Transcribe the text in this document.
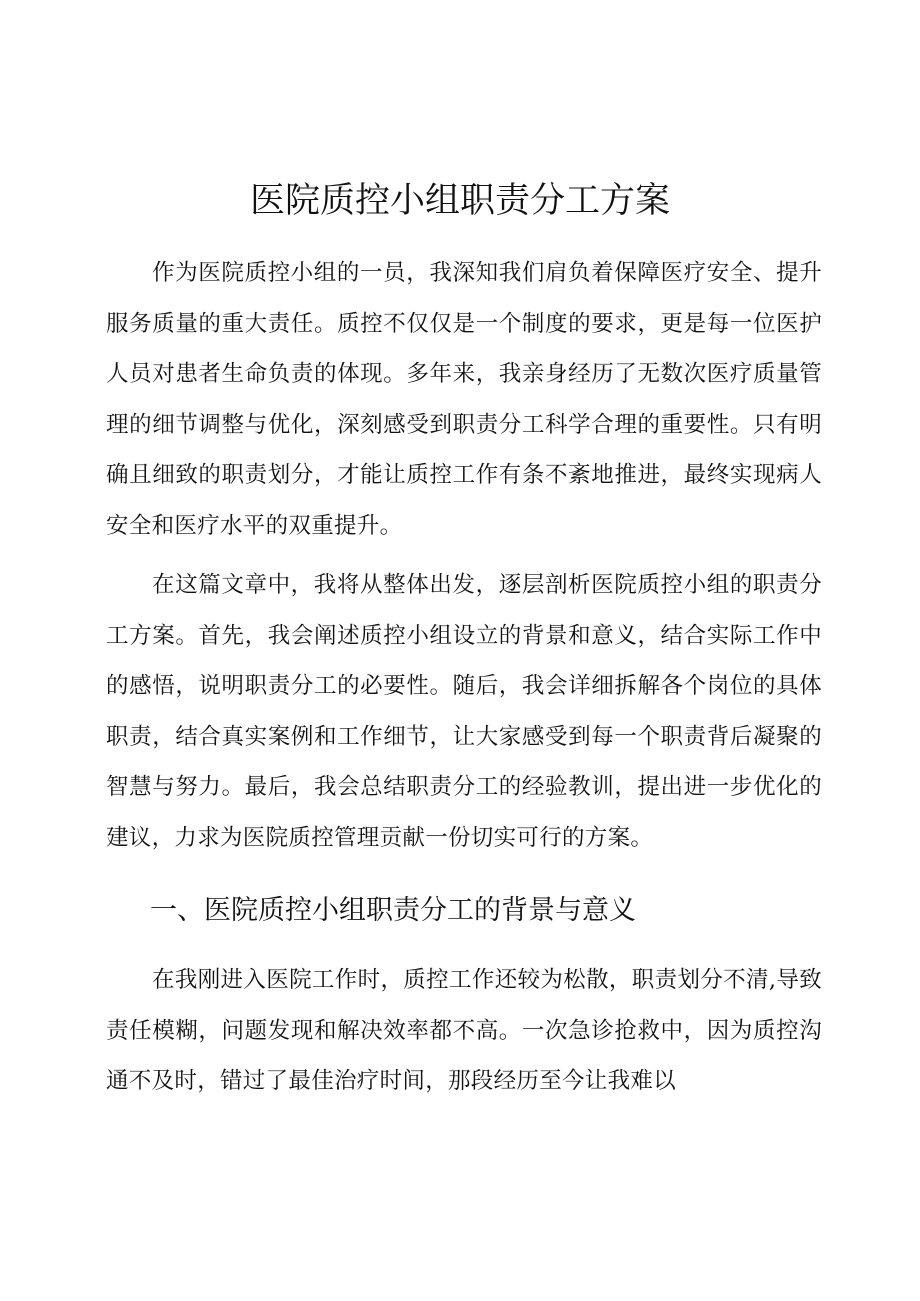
医院质控小组职责分工方案

作为医院质控小组的一员，我深知我们肩负着保障医疗安全、提升服务质量的重大责任。质控不仅仅是一个制度的要求，更是每一位医护人员对患者生命负责的体现。多年来，我亲身经历了无数次医疗质量管理的细节调整与优化，深刻感受到职责分工科学合理的重要性。只有明确且细致的职责划分，才能让质控工作有条不紊地推进，最终实现病人安全和医疗水平的双重提升。

在这篇文章中，我将从整体出发，逐层剖析医院质控小组的职责分工方案。首先，我会阐述质控小组设立的背景和意义，结合实际工作中的感悟，说明职责分工的必要性。随后，我会详细拆解各个岗位的具体职责，结合真实案例和工作细节，让大家感受到每一个职责背后凝聚的智慧与努力。最后，我会总结职责分工的经验教训，提出进一步优化的建议，力求为医院质控管理贡献一份切实可行的方案。

一、医院质控小组职责分工的背景与意义

在我刚进入医院工作时，质控工作还较为松散，职责划分不清,导致责任模糊，问题发现和解决效率都不高。一次急诊抢救中，因为质控沟通不及时，错过了最佳治疗时间，那段经历至今让我难以
